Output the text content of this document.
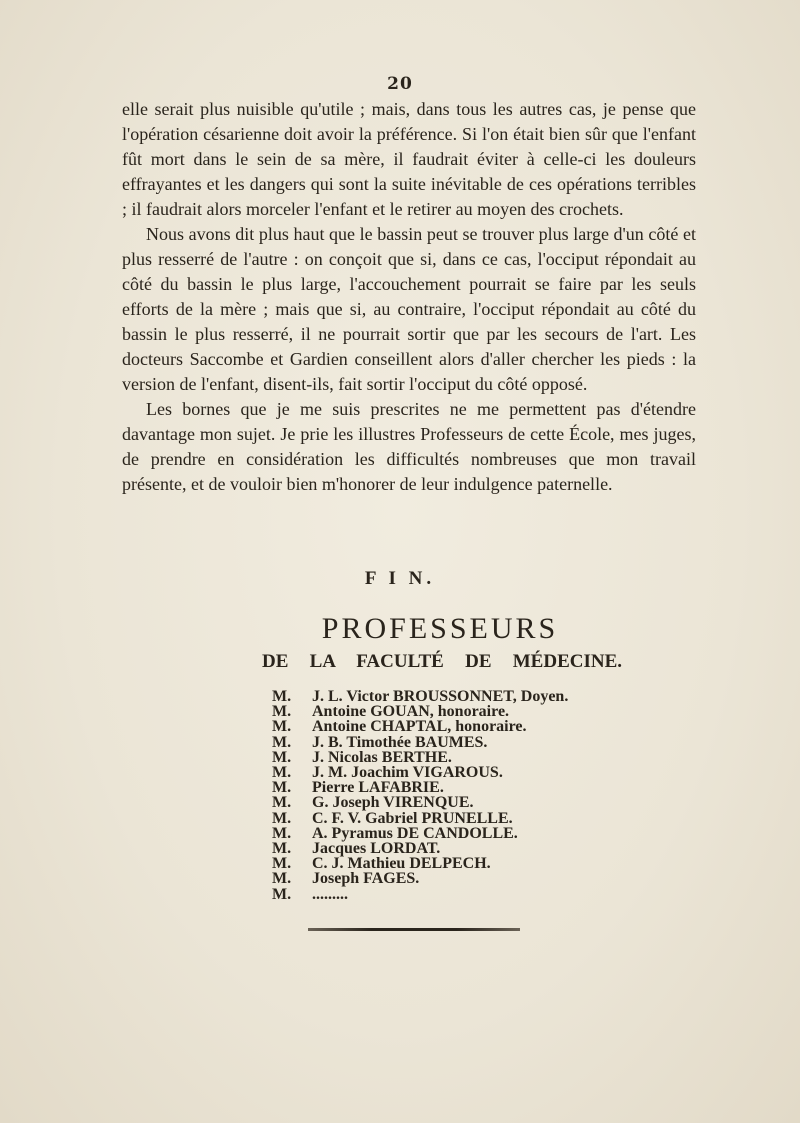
20

elle serait plus nuisible qu'utile ; mais, dans tous les autres cas, je pense que l'opération césarienne doit avoir la préférence. Si l'on était bien sûr que l'enfant fût mort dans le sein de sa mère, il faudrait éviter à celle-ci les douleurs effrayantes et les dangers qui sont la suite inévitable de ces opérations terribles ; il faudrait alors morceler l'enfant et le retirer au moyen des crochets.

Nous avons dit plus haut que le bassin peut se trouver plus large d'un côté et plus resserré de l'autre : on conçoit que si, dans ce cas, l'occiput répondait au côté du bassin le plus large, l'accouchement pourrait se faire par les seuls efforts de la mère ; mais que si, au contraire, l'occiput répondait au côté du bassin le plus resserré, il ne pourrait sortir que par les secours de l'art. Les docteurs Saccombe et Gardien conseillent alors d'aller chercher les pieds : la version de l'enfant, disent-ils, fait sortir l'occiput du côté opposé.

Les bornes que je me suis prescrites ne me permettent pas d'étendre davantage mon sujet. Je prie les illustres Professeurs de cette École, mes juges, de prendre en considération les difficultés nombreuses que mon travail présente, et de vouloir bien m'honorer de leur indulgence paternelle.

F I N.
PROFESSEURS
DE LA FACULTÉ DE MÉDECINE.
M.	J. L. Victor BROUSSONNET, Doyen.
M.	Antoine GOUAN, honoraire.
M.	Antoine CHAPTAL, honoraire.
M.	J. B. Timothée BAUMES.
M.	J. Nicolas BERTHE.
M.	J. M. Joachim VIGAROUS.
M.	Pierre LAFABRIE.
M.	G. Joseph VIRENQUE.
M.	C. F. V. Gabriel PRUNELLE.
M.	A. Pyramus DE CANDOLLE.
M.	Jacques LORDAT.
M.	C. J. Mathieu DELPECH.
M.	Joseph FAGES.
M.	.........
